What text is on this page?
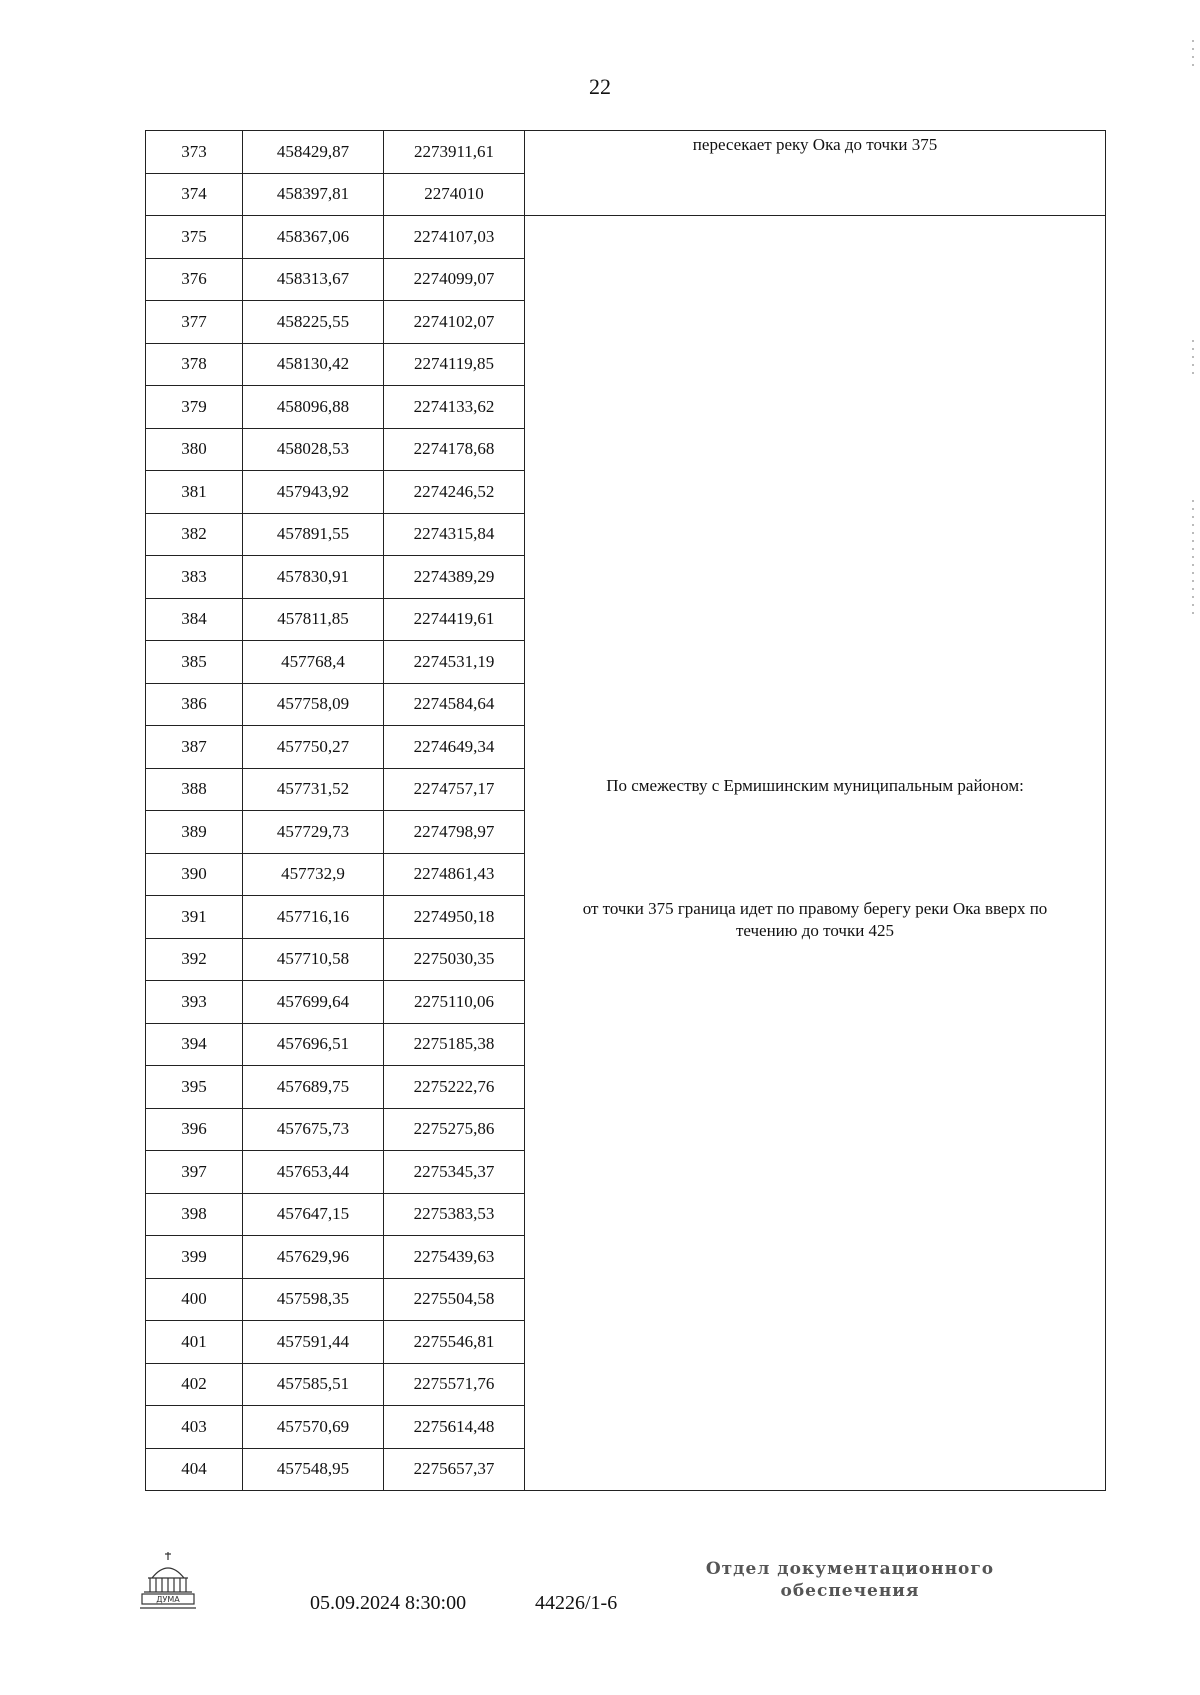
22
373	458429,87	2273911,61	пересекает реку Ока до точки 375
374	458397,81	2274010	
375	458367,06	2274107,03	По смежеству с Ермишинским муниципальным районом:
от точки 375 граница идет по правому берегу реки Ока вверх по течению до точки 425

376	458313,67	2274099,07	
377	458225,55	2274102,07	
378	458130,42	2274119,85	
379	458096,88	2274133,62	
380	458028,53	2274178,68	
381	457943,92	2274246,52	
382	457891,55	2274315,84	
383	457830,91	2274389,29	
384	457811,85	2274419,61	
385	457768,4	2274531,19	
386	457758,09	2274584,64	
387	457750,27	2274649,34	
388	457731,52	2274757,17	
389	457729,73	2274798,97	
390	457732,9	2274861,43	
391	457716,16	2274950,18	
392	457710,58	2275030,35	
393	457699,64	2275110,06	
394	457696,51	2275185,38	
395	457689,75	2275222,76	
396	457675,73	2275275,86	
397	457653,44	2275345,37	
398	457647,15	2275383,53	
399	457629,96	2275439,63	
400	457598,35	2275504,58	
401	457591,44	2275546,81	
402	457585,51	2275571,76	
403	457570,69	2275614,48	
404	457548,95	2275657,37	
ДУМА	05.09.2024 8:30:00	44226/1-6
Отдел документационного
обеспечения
